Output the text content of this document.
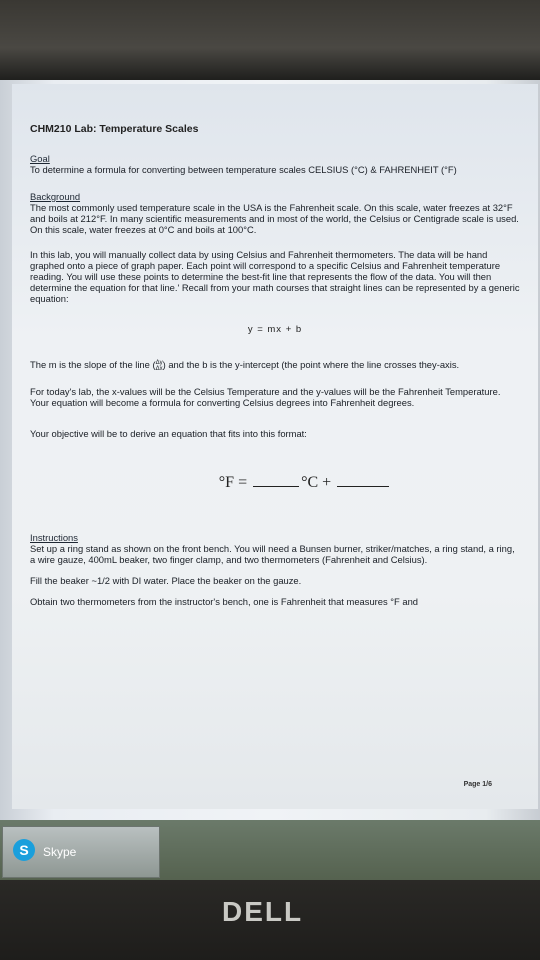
CHM210 Lab: Temperature Scales
Goal
To determine a formula for converting between temperature scales CELSIUS (°C) & FAHRENHEIT (°F)
Background
The most commonly used temperature scale in the USA is the Fahrenheit scale. On this scale, water freezes at 32°F and boils at 212°F. In many scientific measurements and in most of the world, the Celsius or Centigrade scale is used. On this scale, water freezes at 0°C and boils at 100°C.
In this lab, you will manually collect data by using Celsius and Fahrenheit thermometers. The data will be hand graphed onto a piece of graph paper. Each point will correspond to a specific Celsius and Fahrenheit temperature reading. You will use these points to determine the best-fit line that represents the flow of the data. You will then determine the equation for that line.' Recall from your math courses that straight lines can be represented by a generic equation:
y = mx + b
The m is the slope of the line (Δy
Δx) and the b is the y-intercept (the point where the line crosses they-axis.
For today's lab, the x-values will be the Celsius Temperature and the y-values will be the Fahrenheit Temperature. Your equation will become a formula for converting Celsius degrees into Fahrenheit degrees.
Your objective will be to derive an equation that fits into this format:
°F =	°C +
Instructions
Set up a ring stand as shown on the front bench. You will need a Bunsen burner, striker/matches, a ring stand, a ring, a wire gauze, 400mL beaker, two finger clamp, and two thermometers (Fahrenheit and Celsius).
Fill the beaker ~1/2 with DI water. Place the beaker on the gauze.
Obtain two thermometers from the instructor's bench, one is Fahrenheit that measures °F and
Page 1/6
S	Skype
DELL
